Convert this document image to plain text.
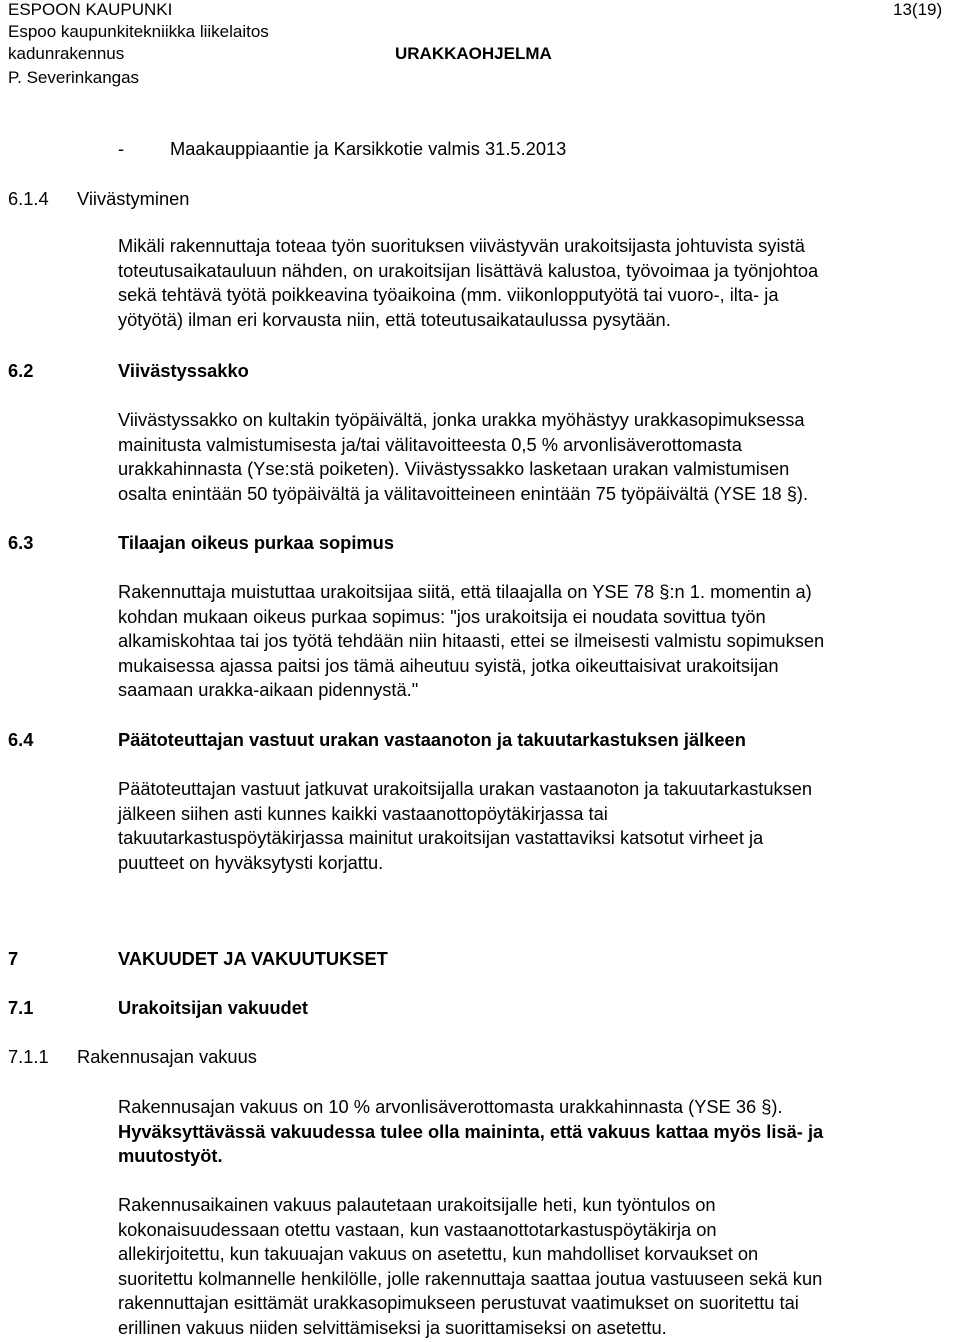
ESPOON KAUPUNKI
Espoo kaupunkitekniikka liikelaitos
kadunrakennus
P. Severinkangas
URAKKAOHJELMA
13(19)
-	Maakauppiaantie ja Karsikkotie valmis 31.5.2013
6.1.4 Viivästyminen
Mikäli rakennuttaja toteaa työn suorituksen viivästyvän urakoitsijasta johtuvista syistä
toteutusaikatauluun nähden, on urakoitsijan lisättävä kalustoa, työvoimaa ja työnjohtoa
sekä tehtävä työtä poikkeavina työaikoina (mm. viikonlopputyötä tai vuoro-, ilta- ja
yötyötä) ilman eri korvausta niin, että toteutusaikataulussa pysytään.
6.2	Viivästyssakko
Viivästyssakko on kultakin työpäivältä, jonka urakka myöhästyy urakkasopimuksessa
mainitusta valmistumisesta ja/tai välitavoitteesta 0,5 % arvonlisäverottomasta
urakkahinnasta (Yse:stä poiketen). Viivästyssakko lasketaan urakan valmistumisen
osalta enintään 50 työpäivältä ja välitavoitteineen enintään 75 työpäivältä (YSE 18 §).
6.3	Tilaajan oikeus purkaa sopimus
Rakennuttaja muistuttaa urakoitsijaa siitä, että tilaajalla on YSE 78 §:n 1. momentin a)
kohdan mukaan oikeus purkaa sopimus: "jos urakoitsija ei noudata sovittua työn
alkamiskohtaa tai jos työtä tehdään niin hitaasti, ettei se ilmeisesti valmistu sopimuksen
mukaisessa ajassa paitsi jos tämä aiheutuu syistä, jotka oikeuttaisivat urakoitsijan
saamaan urakka-aikaan pidennystä."
6.4	Päätoteuttajan vastuut urakan vastaanoton ja takuutarkastuksen jälkeen
Päätoteuttajan vastuut jatkuvat urakoitsijalla urakan vastaanoton ja takuutarkastuksen
jälkeen siihen asti kunnes kaikki vastaanottopöytäkirjassa tai
takuutarkastuspöytäkirjassa mainitut urakoitsijan vastattaviksi katsotut virheet ja
puutteet on hyväksytysti korjattu.
7	VAKUUDET JA VAKUUTUKSET
7.1	Urakoitsijan vakuudet
7.1.1 Rakennusajan vakuus
Rakennusajan vakuus on 10 % arvonlisäverottomasta urakkahinnasta (YSE 36 §).
Hyväksyttävässä vakuudessa tulee olla maininta, että vakuus kattaa myös lisä- ja
muutostyöt.
Rakennusaikainen vakuus palautetaan urakoitsijalle heti, kun työntulos on
kokonaisuudessaan otettu vastaan, kun vastaanottotarkastuspöytäkirja on
allekirjoitettu, kun takuuajan vakuus on asetettu, kun mahdolliset korvaukset on
suoritettu kolmannelle henkilölle, jolle rakennuttaja saattaa joutua vastuuseen sekä kun
rakennuttajan esittämät urakkasopimukseen perustuvat vaatimukset on suoritettu tai
erillinen vakuus niiden selvittämiseksi ja suorittamiseksi on asetettu.
